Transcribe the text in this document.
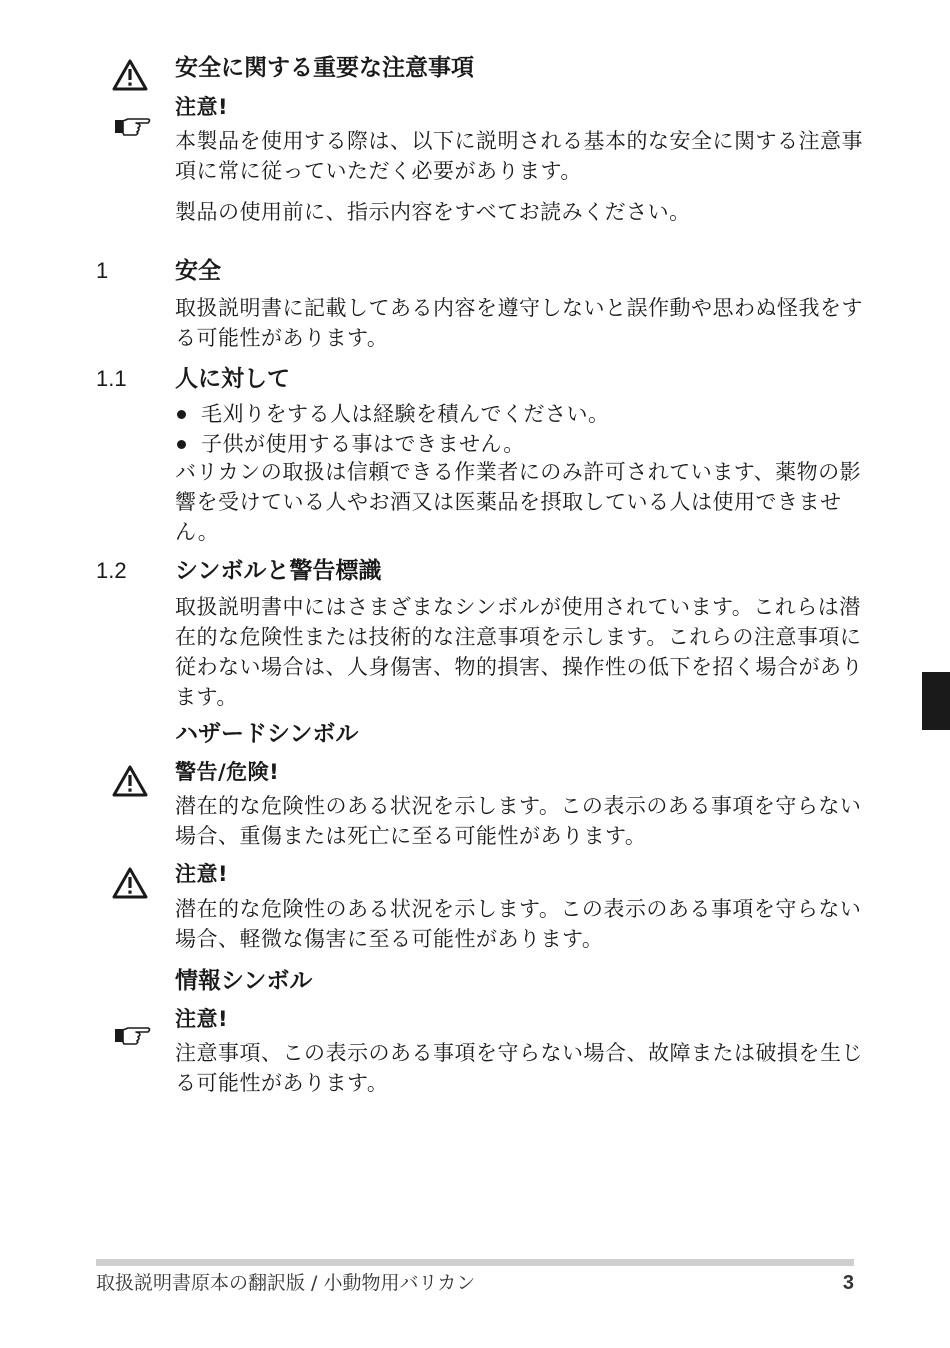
安全に関する重要な注意事項
注意!
本製品を使用する際は、以下に説明される基本的な安全に関する注意事項に常に従っていただく必要があります。
製品の使用前に、指示内容をすべてお読みください。
1	安全
取扱説明書に記載してある内容を遵守しないと誤作動や思わぬ怪我をする可能性があります。
1.1 人に対して
毛刈りをする人は経験を積んでください。
子供が使用する事はできません。
バリカンの取扱は信頼できる作業者にのみ許可されています、薬物の影響を受けている人やお酒又は医薬品を摂取している人は使用できません。
1.2 シンボルと警告標識
取扱説明書中にはさまざまなシンボルが使用されています。これらは潜在的な危険性または技術的な注意事項を示します。これらの注意事項に従わない場合は、人身傷害、物的損害、操作性の低下を招く場合があります。
ハザードシンボル
警告/危険!
潜在的な危険性のある状況を示します。この表示のある事項を守らない場合、重傷または死亡に至る可能性があります。
注意!
潜在的な危険性のある状況を示します。この表示のある事項を守らない場合、軽微な傷害に至る可能性があります。
情報シンボル
注意!
注意事項、この表示のある事項を守らない場合、故障または破損を生じる可能性があります。
取扱説明書原本の翻訳版 / 小動物用バリカン	3
